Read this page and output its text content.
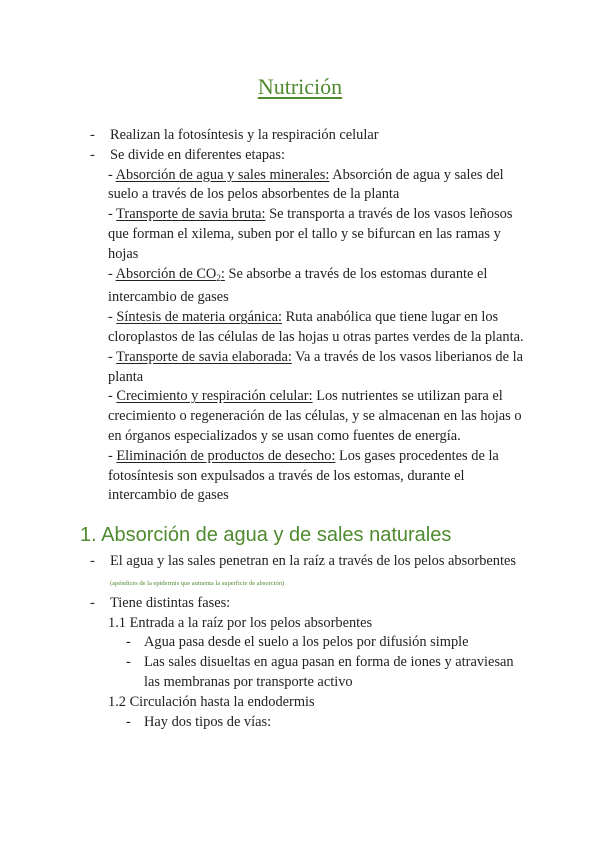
Nutrición
- Realizan la fotosíntesis y la respiración celular
- Se divide en diferentes etapas:
- Absorción de agua y sales minerales: Absorción de agua y sales del suelo a través de los pelos absorbentes de la planta
- Transporte de savia bruta: Se transporta a través de los vasos leñosos que forman el xilema, suben por el tallo y se bifurcan en las ramas y hojas
- Absorción de $CO_2$: Se absorbe a través de los estomas durante el intercambio de gases
- Síntesis de materia orgánica: Ruta anabólica que tiene lugar en los cloroplastos de las células de las hojas u otras partes verdes de la planta.
- Transporte de savia elaborada: Va a través de los vasos liberianos de la planta
- Crecimiento y respiración celular: Los nutrientes se utilizan para el crecimiento o regeneración de las células, y se almacenan en las hojas o en órganos especializados y se usan como fuentes de energía.
- Eliminación de productos de desecho: Los gases procedentes de la fotosíntesis son expulsados a través de los estomas, durante el intercambio de gases
1. Absorción de agua y de sales naturales
- El agua y las sales penetran en la raíz a través de los pelos absorbentes (apéndices de la epidermis que aumenta la superficie de absorción)
- Tiene distintas fases:
1.1 Entrada a la raíz por los pelos absorbentes
- Agua pasa desde el suelo a los pelos por difusión simple
- Las sales disueltas en agua pasan en forma de iones y atraviesan las membranas por transporte activo
1.2 Circulación hasta la endodermis
- Hay dos tipos de vías:
